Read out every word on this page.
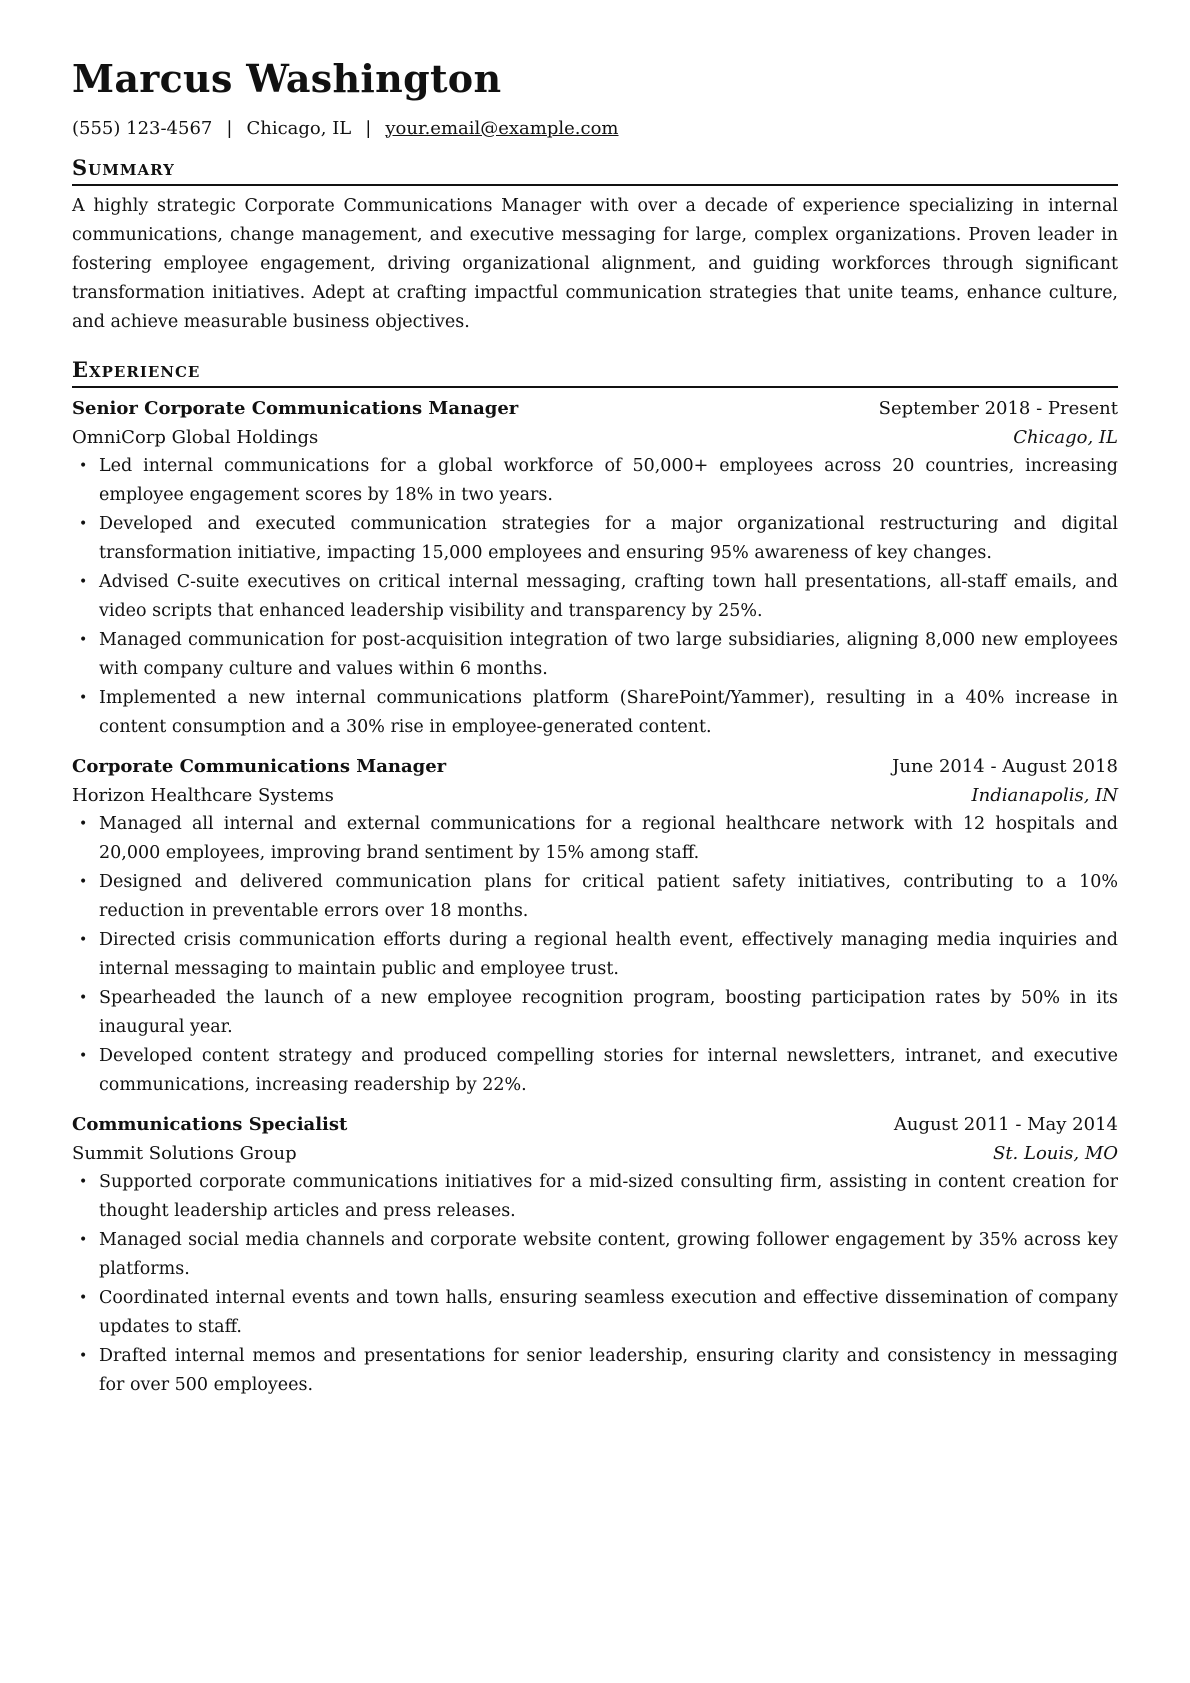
Marcus Washington
(555) 123-4567 | Chicago, IL | your.email@example.com
Summary

A highly strategic Corporate Communications Manager with over a decade of experience specializing in internal communications, change management, and executive messaging for large, complex organizations. Proven leader in fostering employee engagement, driving organizational alignment, and guiding workforces through significant transformation initiatives. Adept at crafting impactful communication strategies that unite teams, enhance culture, and achieve measurable business objectives.

Experience
Senior Corporate Communications Manager	September 2018 - Present
OmniCorp Global Holdings	Chicago, IL
• Led internal communications for a global workforce of 50,000+ employees across 20 countries, increasing employee engagement scores by 18% in two years.
• Developed and executed communication strategies for a major organizational restructuring and digital transformation initiative, impacting 15,000 employees and ensuring 95% awareness of key changes.
• Advised C-suite executives on critical internal messaging, crafting town hall presentations, all-staff emails, and video scripts that enhanced leadership visibility and transparency by 25%.
• Managed communication for post-acquisition integration of two large subsidiaries, aligning 8,000 new employees with company culture and values within 6 months.
• Implemented a new internal communications platform (SharePoint/Yammer), resulting in a 40% increase in content consumption and a 30% rise in employee-generated content.
Corporate Communications Manager	June 2014 - August 2018
Horizon Healthcare Systems	Indianapolis, IN
• Managed all internal and external communications for a regional healthcare network with 12 hospitals and 20,000 employees, improving brand sentiment by 15% among staff.
• Designed and delivered communication plans for critical patient safety initiatives, contributing to a 10% reduction in preventable errors over 18 months.
• Directed crisis communication efforts during a regional health event, effectively managing media inquiries and internal messaging to maintain public and employee trust.
• Spearheaded the launch of a new employee recognition program, boosting participation rates by 50% in its inaugural year.
• Developed content strategy and produced compelling stories for internal newsletters, intranet, and executive communications, increasing readership by 22%.
Communications Specialist	August 2011 - May 2014
Summit Solutions Group	St. Louis, MO
• Supported corporate communications initiatives for a mid-sized consulting firm, assisting in content creation for thought leadership articles and press releases.
• Managed social media channels and corporate website content, growing follower engagement by 35% across key platforms.
• Coordinated internal events and town halls, ensuring seamless execution and effective dissemination of company updates to staff.
• Drafted internal memos and presentations for senior leadership, ensuring clarity and consistency in messaging for over 500 employees.
